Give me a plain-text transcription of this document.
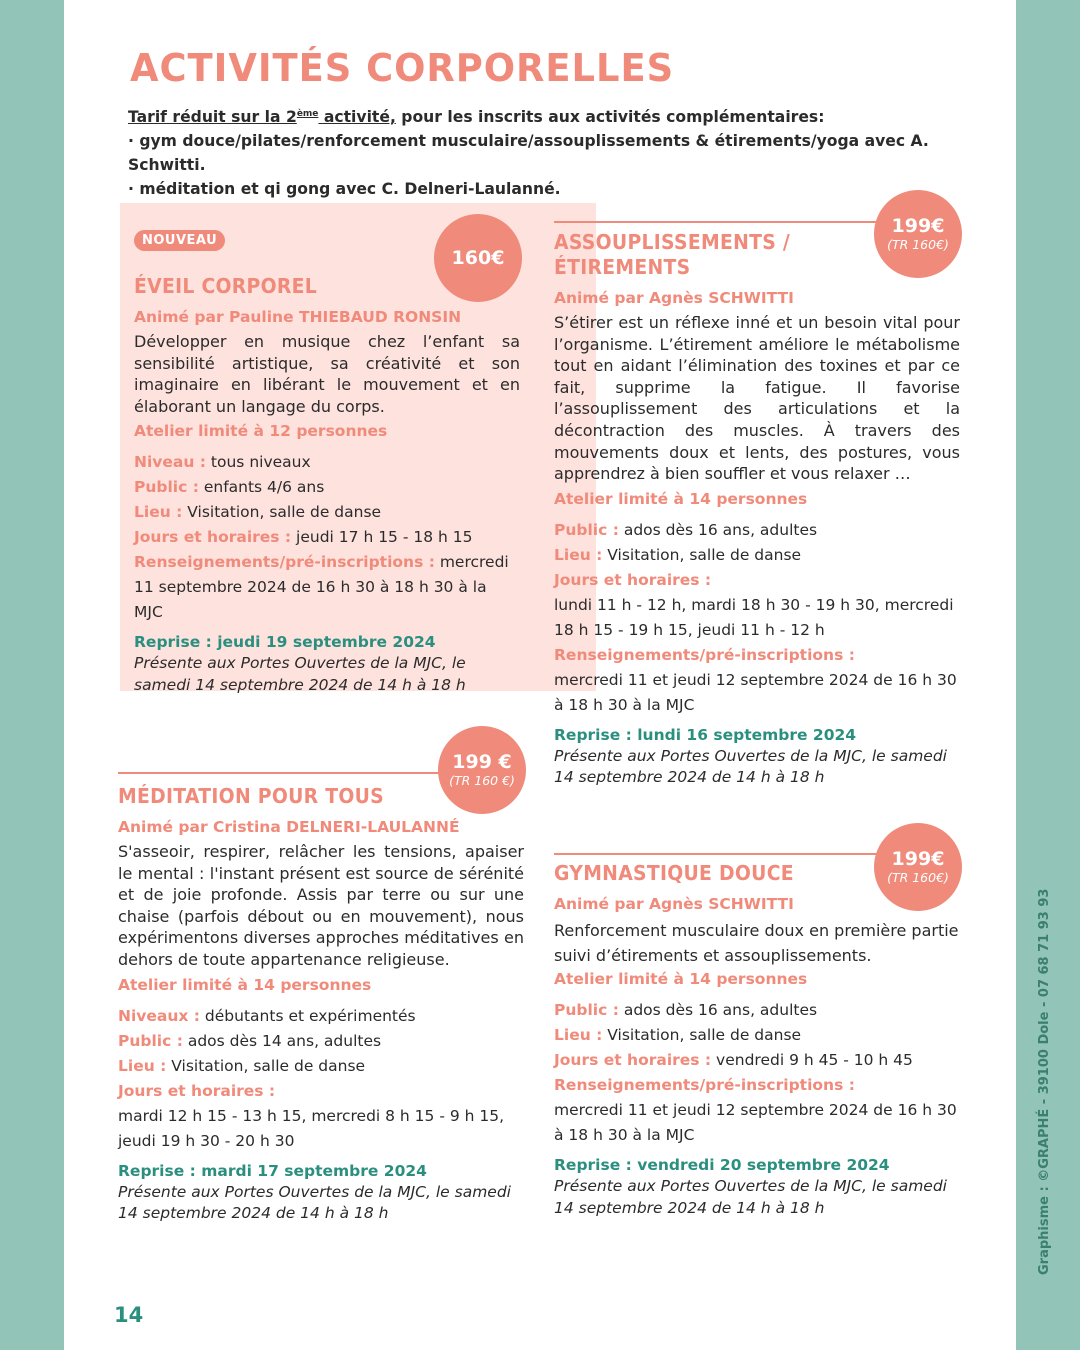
ACTIVITÉS CORPORELLES
Tarif réduit sur la 2ème activité, pour les inscrits aux activités complémentaires:
· gym douce/pilates/renforcement musculaire/assouplissements & étirements/yoga avec A. Schwitti.
· méditation et qi gong avec C. Delneri-Laulanné.
NOUVEAU
160€
ÉVEIL CORPOREL
Animé par Pauline THIEBAUD RONSIN
Développer en musique chez l’enfant sa sensibilité artistique, sa créativité et son imaginaire en libérant le mouvement et en élaborant un langage du corps.
Atelier limité à 12 personnes
Niveau : tous niveaux
Public : enfants 4/6 ans
Lieu : Visitation, salle de danse
Jours et horaires : jeudi 17 h 15 - 18 h 15
Renseignements/pré-inscriptions : mercredi 11 septembre 2024 de 16 h 30 à 18 h 30 à la MJC
Reprise : jeudi 19 septembre 2024
Présente aux Portes Ouvertes de la MJC, le samedi 14 septembre 2024 de 14 h à 18 h
199 €
(TR 160 €)
MÉDITATION POUR TOUS
Animé par Cristina DELNERI-LAULANNÉ
S'asseoir, respirer, relâcher les tensions, apaiser le mental : l'instant présent est source de sérénité et de joie profonde. Assis par terre ou sur une chaise (parfois débout ou en mouvement), nous expérimentons diverses approches méditatives en dehors de toute appartenance religieuse.
Atelier limité à 14 personnes
Niveaux : débutants et expérimentés
Public : ados dès 14 ans, adultes
Lieu : Visitation, salle de danse
Jours et horaires :
mardi 12 h 15 - 13 h 15, mercredi 8 h 15 - 9 h 15, jeudi 19 h 30 - 20 h 30
Reprise : mardi 17 septembre 2024
Présente aux Portes Ouvertes de la MJC, le samedi 14 septembre 2024 de 14 h à 18 h
199€
(TR 160€)
ASSOUPLISSEMENTS / ÉTIREMENTS
Animé par Agnès SCHWITTI
S’étirer est un réflexe inné et un besoin vital pour l’organisme. L’étirement améliore le métabolisme tout en aidant l’élimination des toxines et par ce fait, supprime la fatigue. Il favorise l’assouplissement des articulations et la décontraction des muscles. À travers des mouvements doux et lents, des postures, vous apprendrez à bien souffler et vous relaxer …
Atelier limité à 14 personnes
Public : ados dès 16 ans, adultes
Lieu : Visitation, salle de danse
Jours et horaires :
lundi 11 h - 12 h, mardi 18 h 30 - 19 h 30, mercredi 18 h 15 - 19 h 15, jeudi 11 h - 12 h
Renseignements/pré-inscriptions :
mercredi 11 et jeudi 12 septembre 2024 de 16 h 30 à 18 h 30 à la MJC
Reprise : lundi 16 septembre 2024
Présente aux Portes Ouvertes de la MJC, le samedi 14 septembre 2024 de 14 h à 18 h
199€
(TR 160€)
GYMNASTIQUE DOUCE
Animé par Agnès SCHWITTI
Renforcement musculaire doux en première partie suivi d’étirements et assouplissements.
Atelier limité à 14 personnes
Public : ados dès 16 ans, adultes
Lieu : Visitation, salle de danse
Jours et horaires : vendredi 9 h 45 - 10 h 45
Renseignements/pré-inscriptions :
mercredi 11 et jeudi 12 septembre 2024 de 16 h 30 à 18 h 30 à la MJC
Reprise : vendredi 20 septembre 2024
Présente aux Portes Ouvertes de la MJC, le samedi 14 septembre 2024 de 14 h à 18 h
14
Graphisme : ©GRAPHÉ - 39100 Dole - 07 68 71 93 93
